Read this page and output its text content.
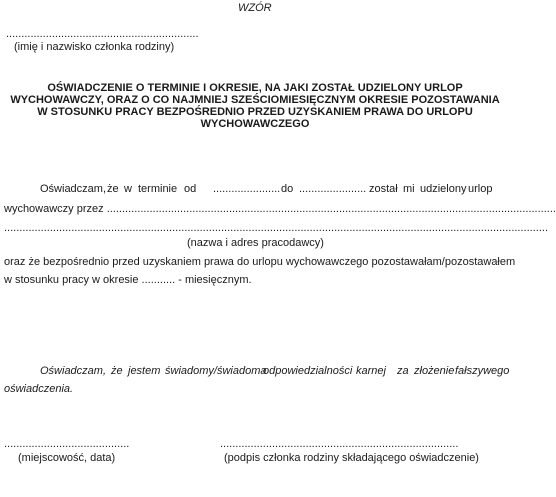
WZÓR
...............................................................
(imię i nazwisko członka rodziny)
OŚWIADCZENIE O TERMINIE I OKRESIE, NA JAKI ZOSTAŁ UDZIELONY URLOP
WYCHOWAWCZY, ORAZ O CO NAJMNIEJ SZEŚCIOMIESIĘCZNYM OKRESIE POZOSTAWANIA
W STOSUNKU PRACY BEZPOŚREDNIO PRZED UZYSKANIEM PRAWA DO URLOPU
WYCHOWAWCZEGO
Oświadczam, że w terminie od ...................... do ...................... został mi udzielony urlop
wychowawczy przez ...................................................................................................................................................
..................................................................................................................................................................................
(nazwa i adres pracodawcy)
oraz że bezpośrednio przed uzyskaniem prawa do urlopu wychowawczego pozostawałam/pozostawałem
w stosunku pracy w okresie ........... - miesięcznym.
Oświadczam, że jestem świadomy/świadoma
odpowiedzialności karnej za złożenie fałszywego
oświadczenia.
.........................................
(miejscowość, data)
..............................................................................
(podpis członka rodziny składającego oświadczenie)
